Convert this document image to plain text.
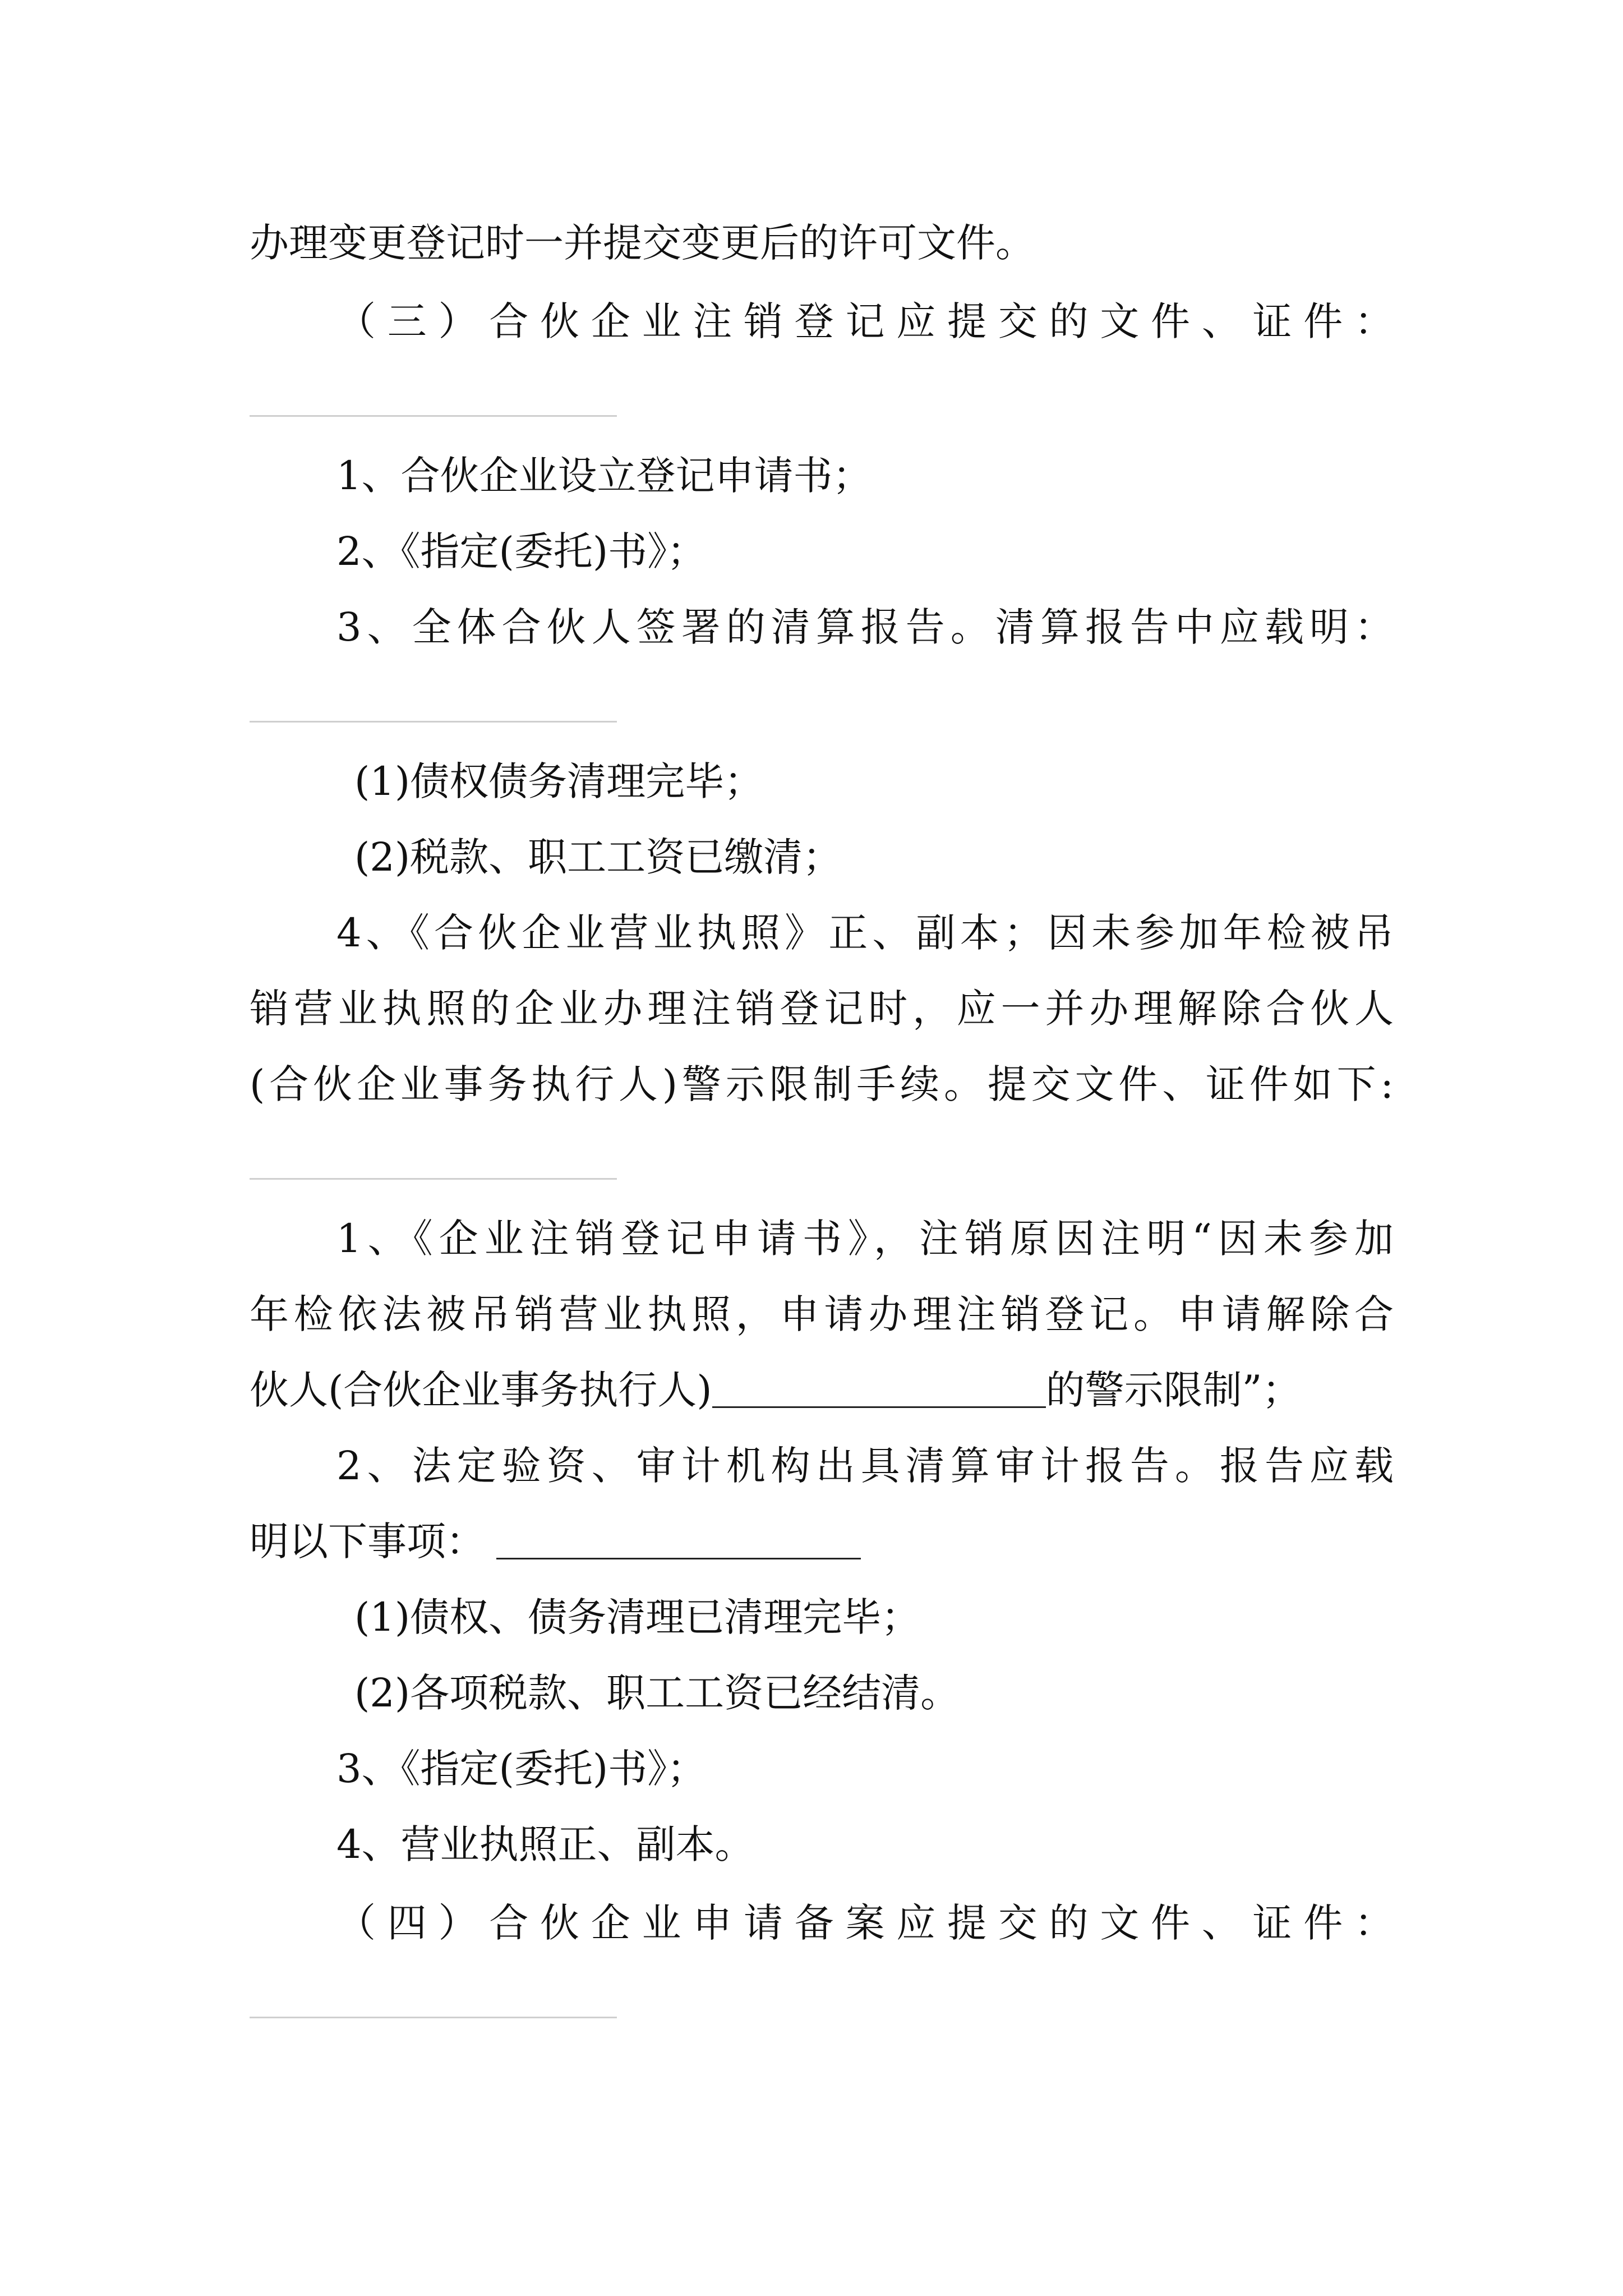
办理变更登记时一并提交变更后的许可文件。

（三）合伙企业注销登记应提交的文件、证件：

1、合伙企业设立登记申请书；

2、《指定(委托)书》；

3、全体合伙人签署的清算报告。清算报告中应载明：

(1)债权债务清理完毕；

(2)税款、职工工资已缴清；

4、《合伙企业营业执照》正、副本；因未参加年检被吊

销营业执照的企业办理注销登记时，应一并办理解除合伙人

(合伙企业事务执行人)警示限制手续。提交文件、证件如下:

1、《企业注销登记申请书》，注销原因注明“因未参加

年检依法被吊销营业执照，申请办理注销登记。申请解除合

伙人(合伙企业事务执行人)	的警示限制”；

2、法定验资、审计机构出具清算审计报告。报告应载

明以下事项：

(1)债权、债务清理已清理完毕；

(2)各项税款、职工工资已经结清。

3、《指定(委托)书》；

4、营业执照正、副本。

（四）合伙企业申请备案应提交的文件、证件：
